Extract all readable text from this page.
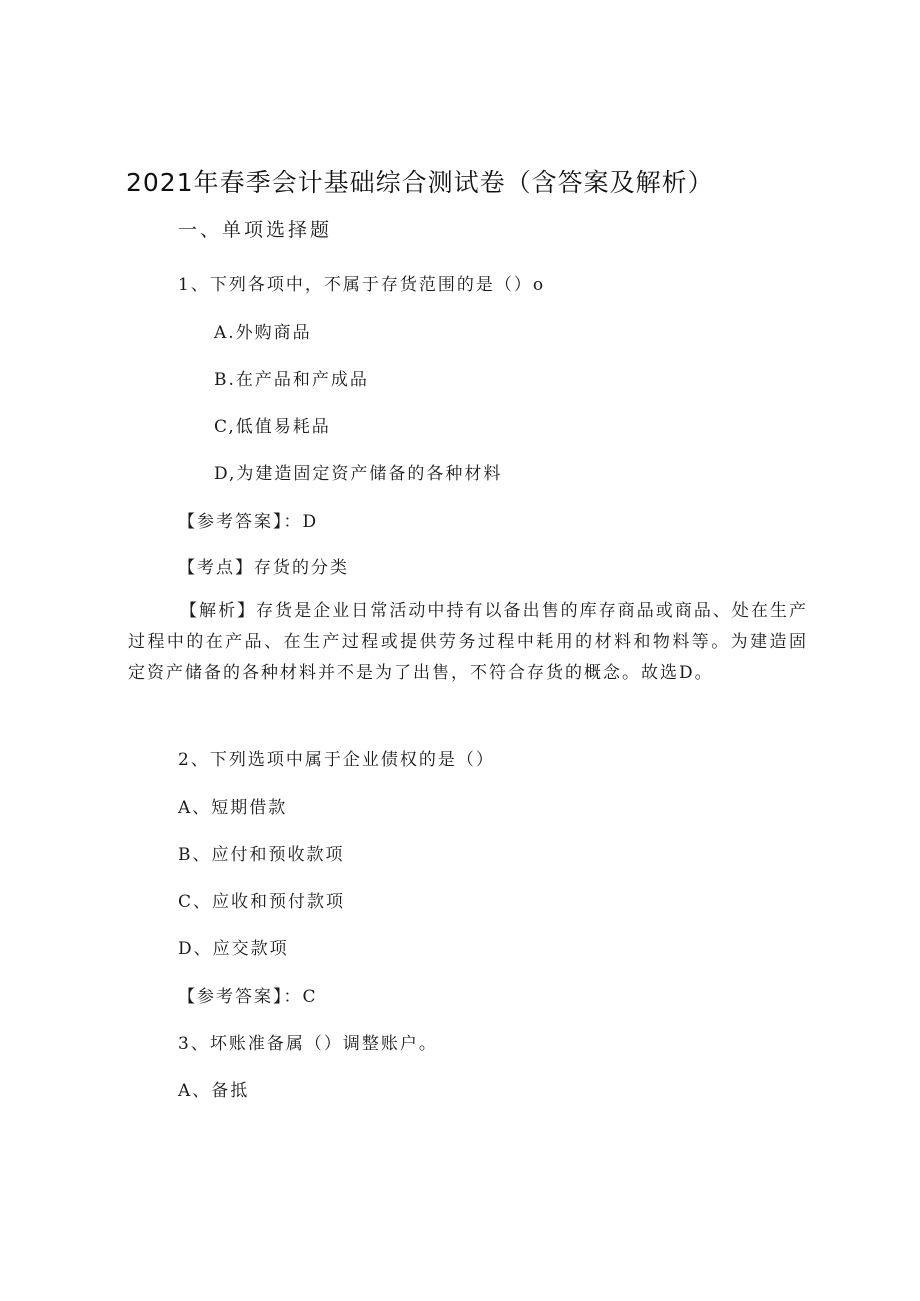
2021年春季会计基础综合测试卷（含答案及解析）
一、单项选择题
1、下列各项中，不属于存货范围的是（）o
A.外购商品
B.在产品和产成品
C,低值易耗品
D,为建造固定资产储备的各种材料
【参考答案】：D
【考点】存货的分类
【解析】存货是企业日常活动中持有以备出售的库存商品或商品、处在生产过程中的在产品、在生产过程或提供劳务过程中耗用的材料和物料等。为建造固定资产储备的各种材料并不是为了出售，不符合存货的概念。故选D。
2、下列选项中属于企业债权的是（）
A、短期借款
B、应付和预收款项
C、应收和预付款项
D、应交款项
【参考答案】：C
3、坏账准备属（）调整账户。
A、备抵
